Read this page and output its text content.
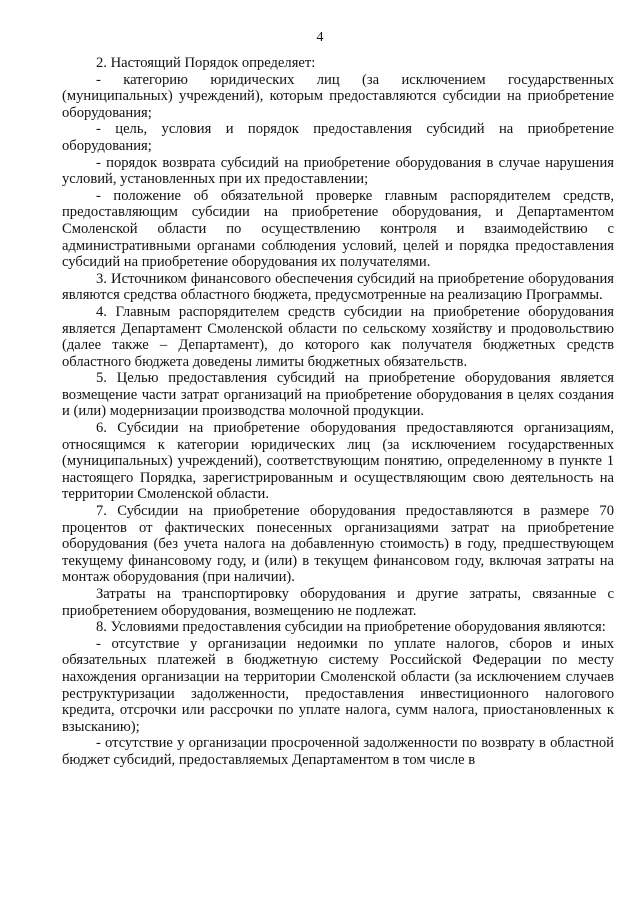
4

2. Настоящий Порядок определяет:

- категорию юридических лиц (за исключением государственных (муниципальных) учреждений), которым предоставляются субсидии на приобретение оборудования;

- цель, условия и порядок предоставления субсидий на приобретение оборудования;

- порядок возврата субсидий на приобретение оборудования в случае нарушения условий, установленных при их предоставлении;

- положение об обязательной проверке главным распорядителем средств, предоставляющим субсидии на приобретение оборудования, и Департаментом Смоленской области по осуществлению контроля и взаимодействию с административными органами соблюдения условий, целей и порядка предоставления субсидий на приобретение оборудования их получателями.

3. Источником финансового обеспечения субсидий на приобретение оборудования являются средства областного бюджета, предусмотренные на реализацию Программы.

4. Главным распорядителем средств субсидии на приобретение оборудования является Департамент Смоленской области по сельскому хозяйству и продовольствию (далее также – Департамент), до которого как получателя бюджетных средств областного бюджета доведены лимиты бюджетных обязательств.

5. Целью предоставления субсидий на приобретение оборудования является возмещение части затрат организаций на приобретение оборудования в целях создания и (или) модернизации производства молочной продукции.

6. Субсидии на приобретение оборудования предоставляются организациям, относящимся к категории юридических лиц (за исключением государственных (муниципальных) учреждений), соответствующим понятию, определенному в пункте 1 настоящего Порядка, зарегистрированным и осуществляющим свою деятельность на территории Смоленской области.

7. Субсидии на приобретение оборудования предоставляются в размере 70 процентов от фактических понесенных организациями затрат на приобретение оборудования (без учета налога на добавленную стоимость) в году, предшествующем текущему финансовому году, и (или) в текущем финансовом году, включая затраты на монтаж оборудования (при наличии).

Затраты на транспортировку оборудования и другие затраты, связанные с приобретением оборудования, возмещению не подлежат.

8. Условиями предоставления субсидии на приобретение оборудования являются:

- отсутствие у организации недоимки по уплате налогов, сборов и иных обязательных платежей в бюджетную систему Российской Федерации по месту нахождения организации на территории Смоленской области (за исключением случаев реструктуризации задолженности, предоставления инвестиционного налогового кредита, отсрочки или рассрочки по уплате налога, сумм налога, приостановленных к взысканию);

- отсутствие у организации просроченной задолженности по возврату в областной бюджет субсидий, предоставляемых Департаментом в том числе в
